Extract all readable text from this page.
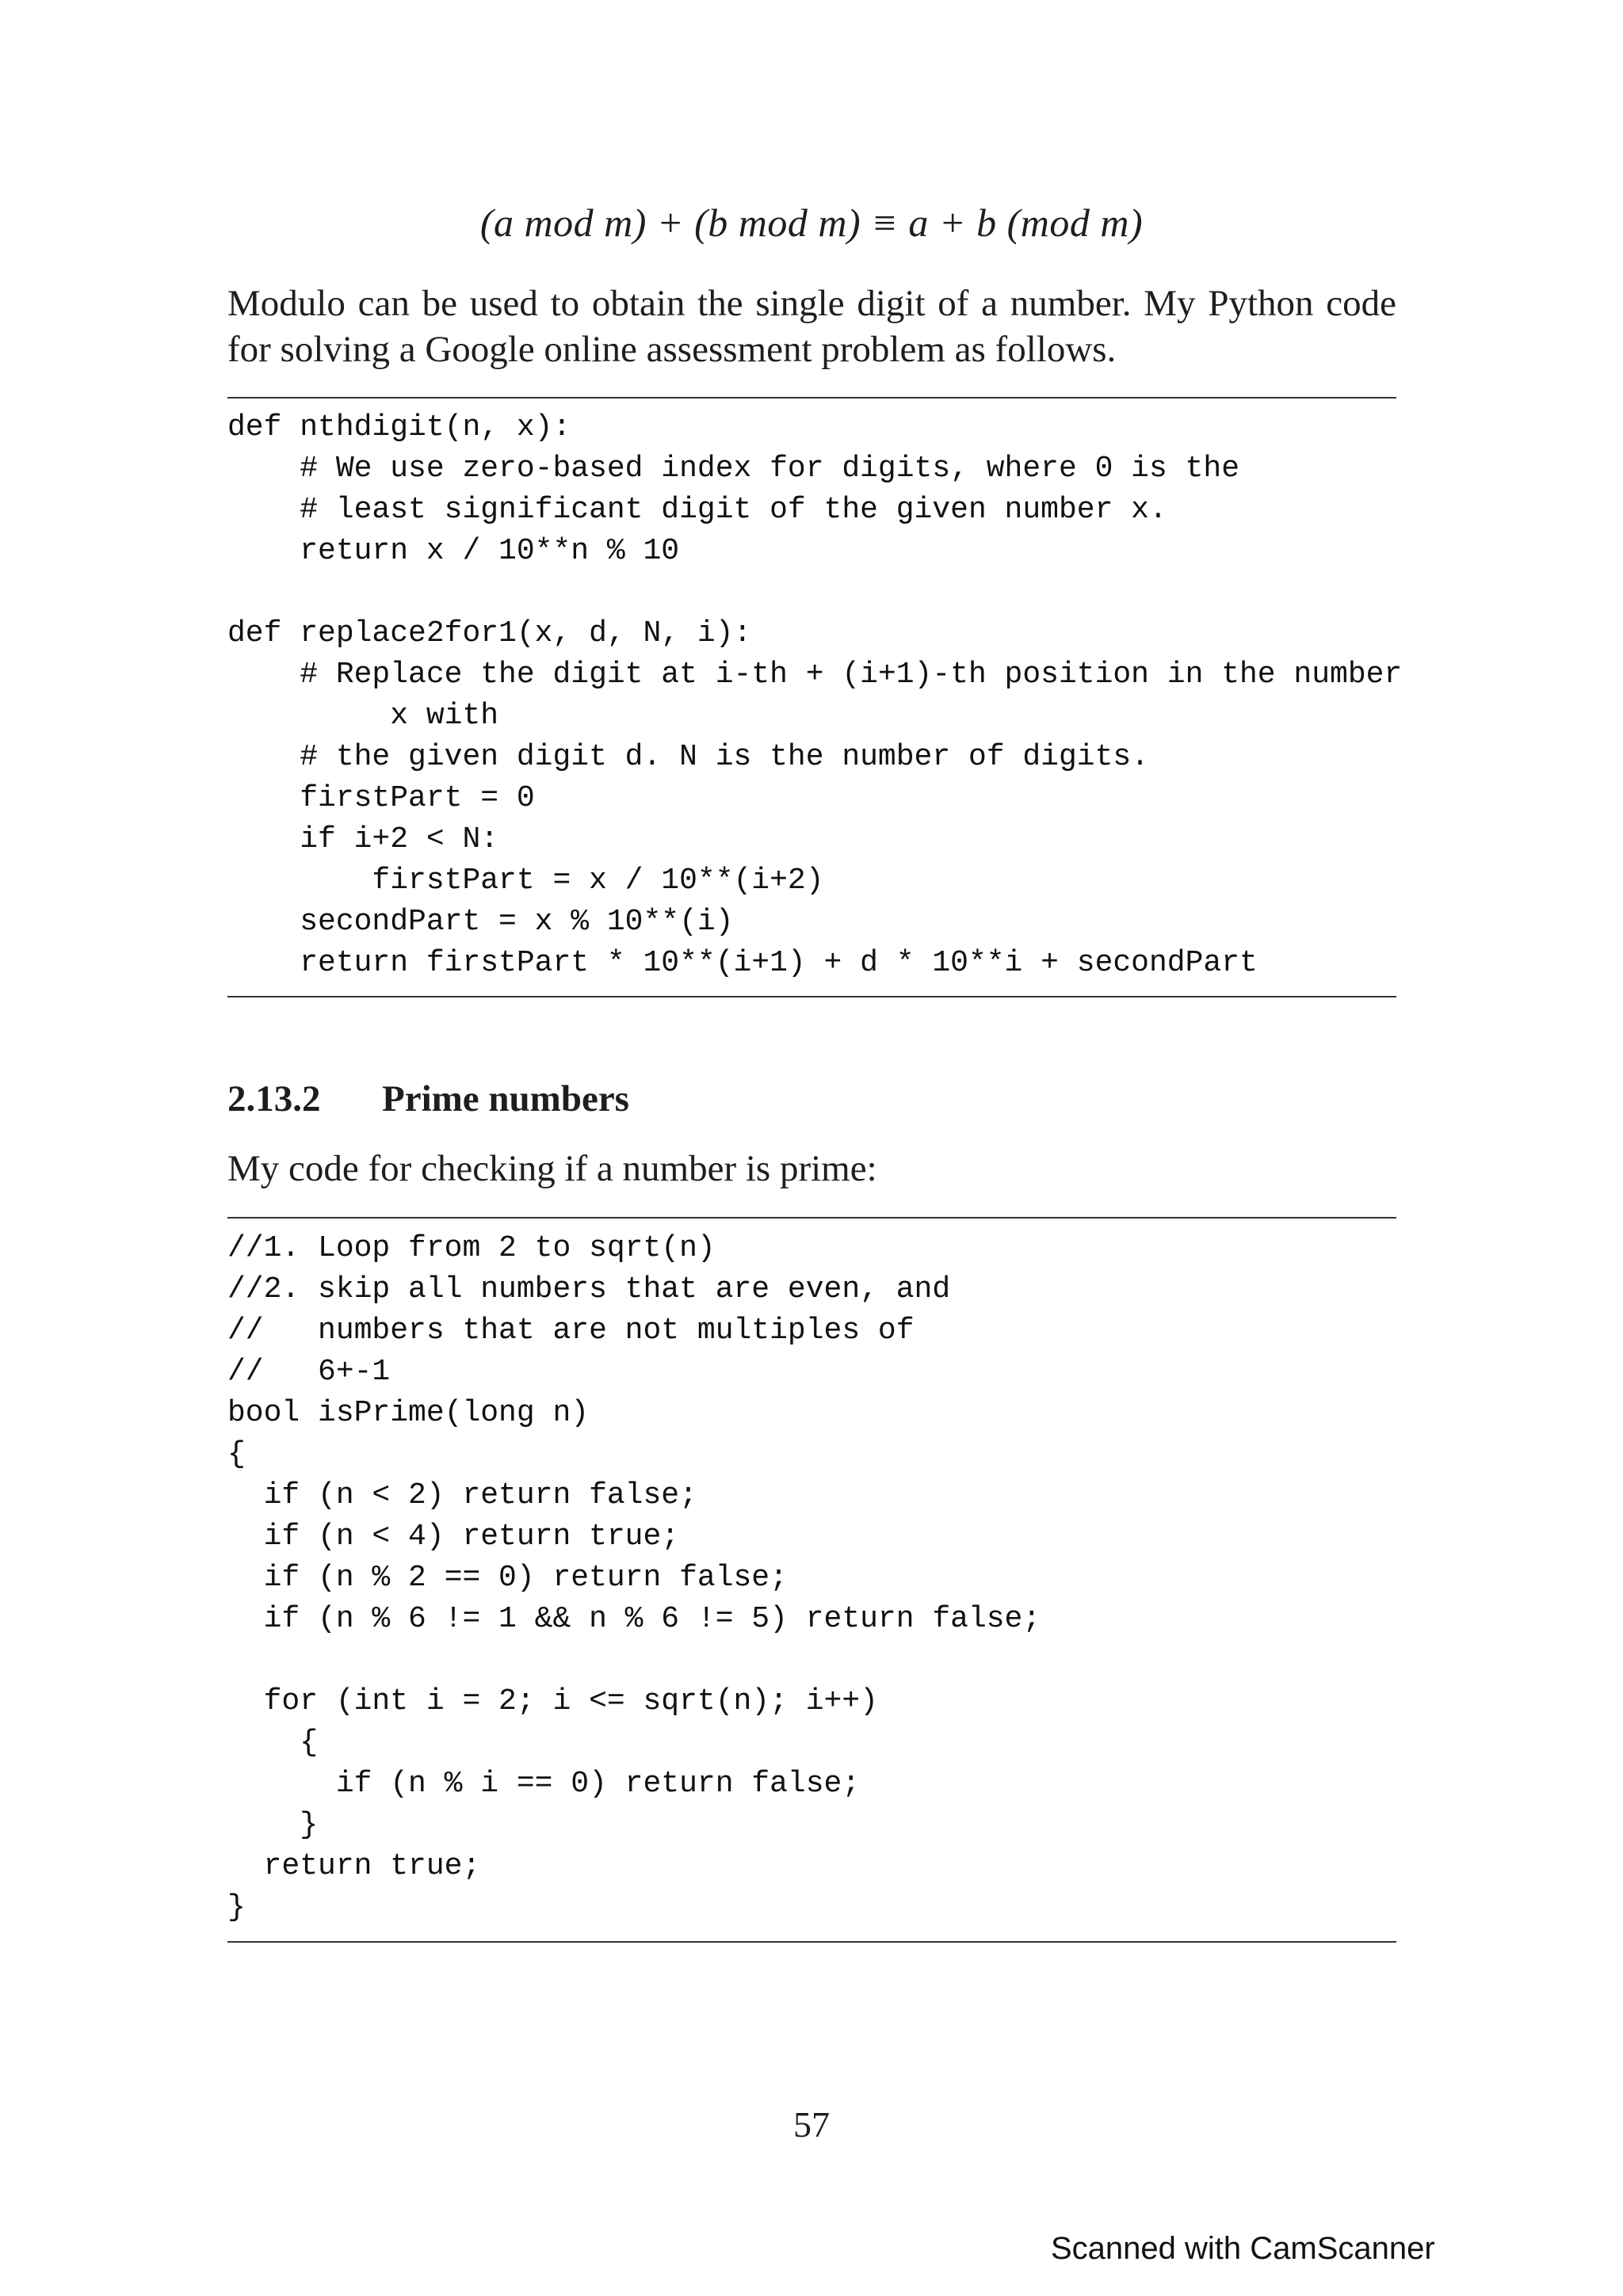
(a mod m) + (b mod m) ≡ a + b (mod m)
Modulo can be used to obtain the single digit of a number. My Python code for solving a Google online assessment problem as follows.
def nthdigit(n, x):
# We use zero-based index for digits, where 0 is the
# least significant digit of the given number x.
return x / 10**n % 10
def replace2for1(x, d, N, i):
# Replace the digit at i-th + (i+1)-th position in the number
x with
# the given digit d. N is the number of digits.
firstPart = 0
if i+2 < N:
firstPart = x / 10**(i+2)
secondPart = x % 10**(i)
return firstPart * 10**(i+1) + d * 10**i + secondPart
2.13.2 Prime numbers
My code for checking if a number is prime:
//1. Loop from 2 to sqrt(n)
//2. skip all numbers that are even, and
//   numbers that are not multiples of
//   6+-1
bool isPrime(long n)
{
if (n < 2) return false;
if (n < 4) return true;
if (n % 2 == 0) return false;
if (n % 6 != 1 && n % 6 != 5) return false;
for (int i = 2; i <= sqrt(n); i++)
{
if (n % i == 0) return false;
}
return true;
}
57
Scanned with CamScanner
